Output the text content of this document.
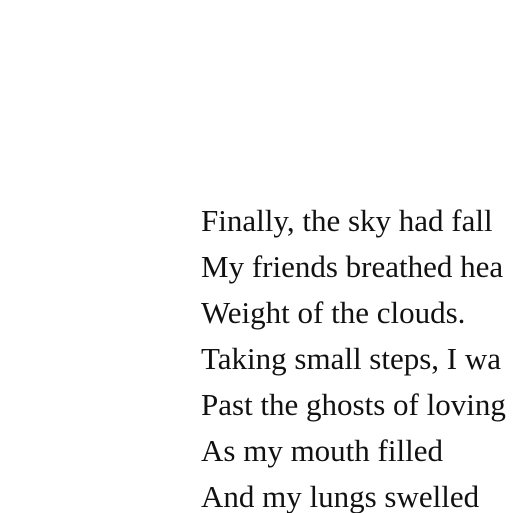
Finally, the sky had fall
My friends breathed hea
Weight of the clouds.
Taking small steps, I wa
Past the ghosts of loving
As my mouth filled
And my lungs swelled
